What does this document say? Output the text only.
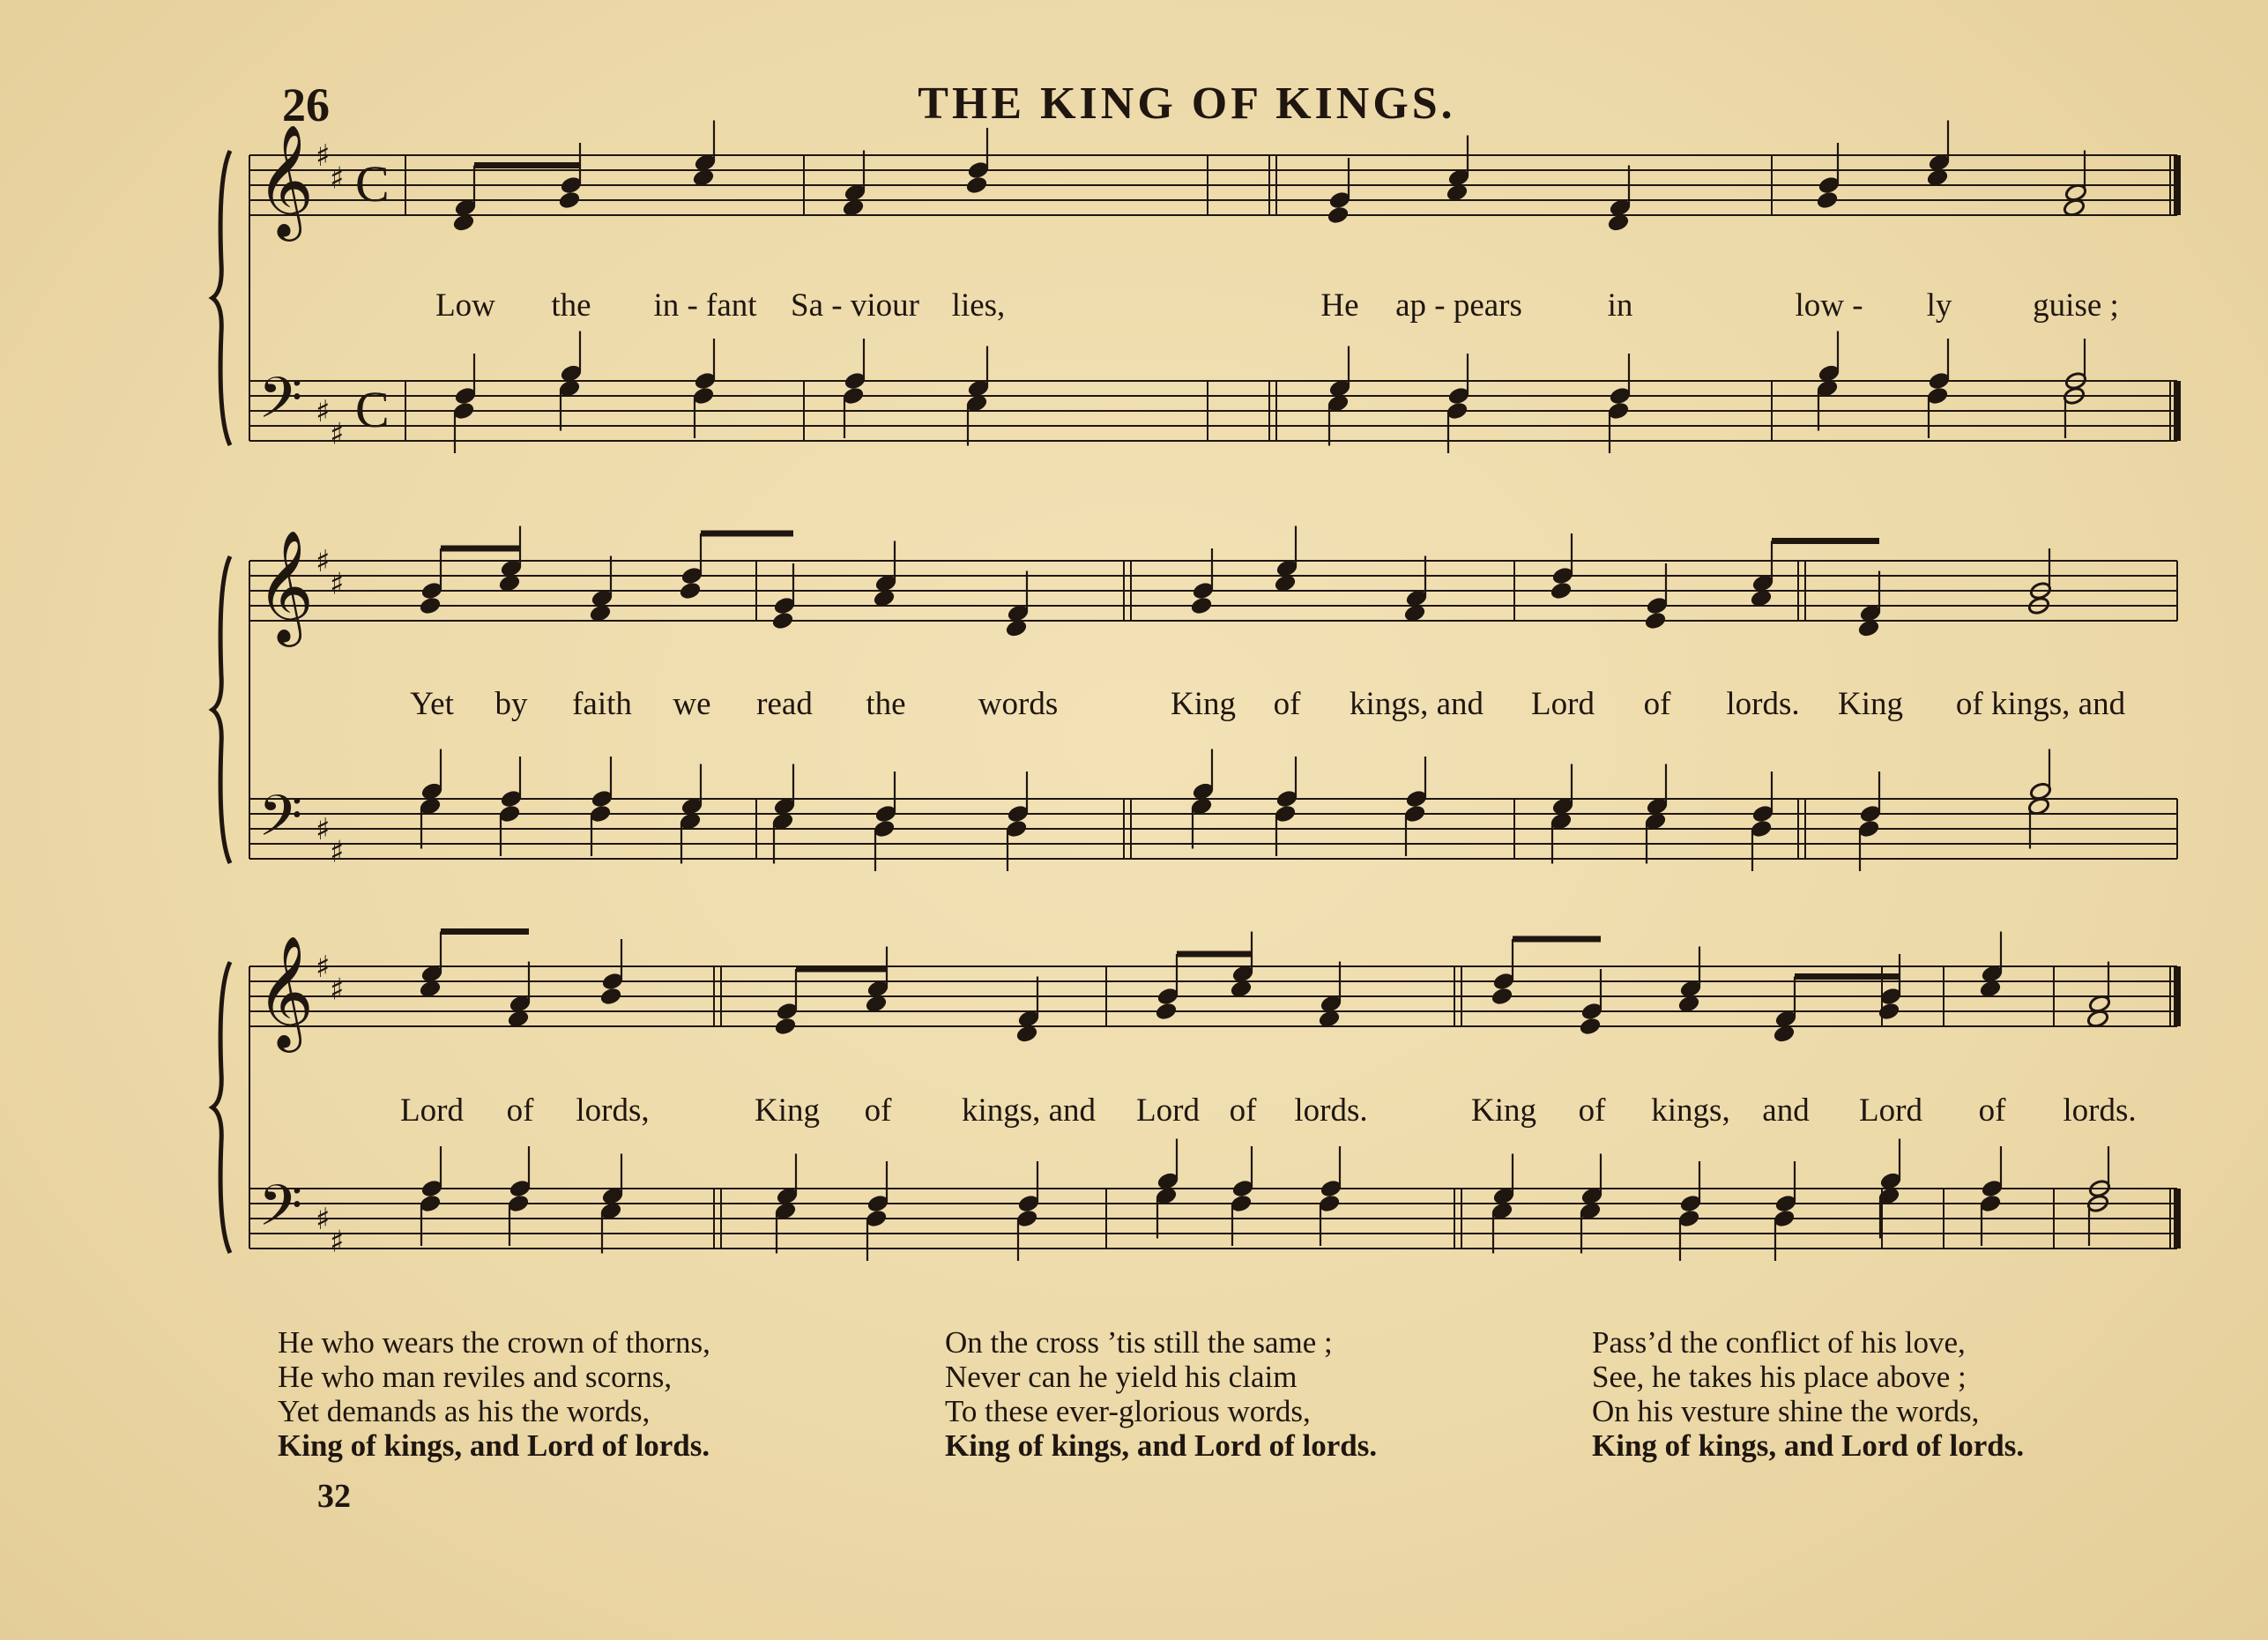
26	THE KING OF KINGS.
𝄞
𝄢
♯
♯
♯
♯
C
C
𝄞
𝄢
♯
♯
♯
♯
𝄞
𝄢
♯
♯
♯
♯
Low the in - fant Sa - viour lies,	He ap - pears	in	low - ly guise ;
Yet by faith we read the words	King of kings, and Lord of lords. King of kings, and
Lord of lords,	King of kings, and Lord of lords.	King of kings, and Lord of lords.
He who wears the crown of thorns,
He who man reviles and scorns,
Yet demands as his the words,
King of kings, and Lord of lords.
On the cross ’tis still the same ;
Never can he yield his claim
To these ever-glorious words,
King of kings, and Lord of lords.
Pass’d the conflict of his love,
See, he takes his place above ;
On his vesture shine the words,
King of kings, and Lord of lords.
32
